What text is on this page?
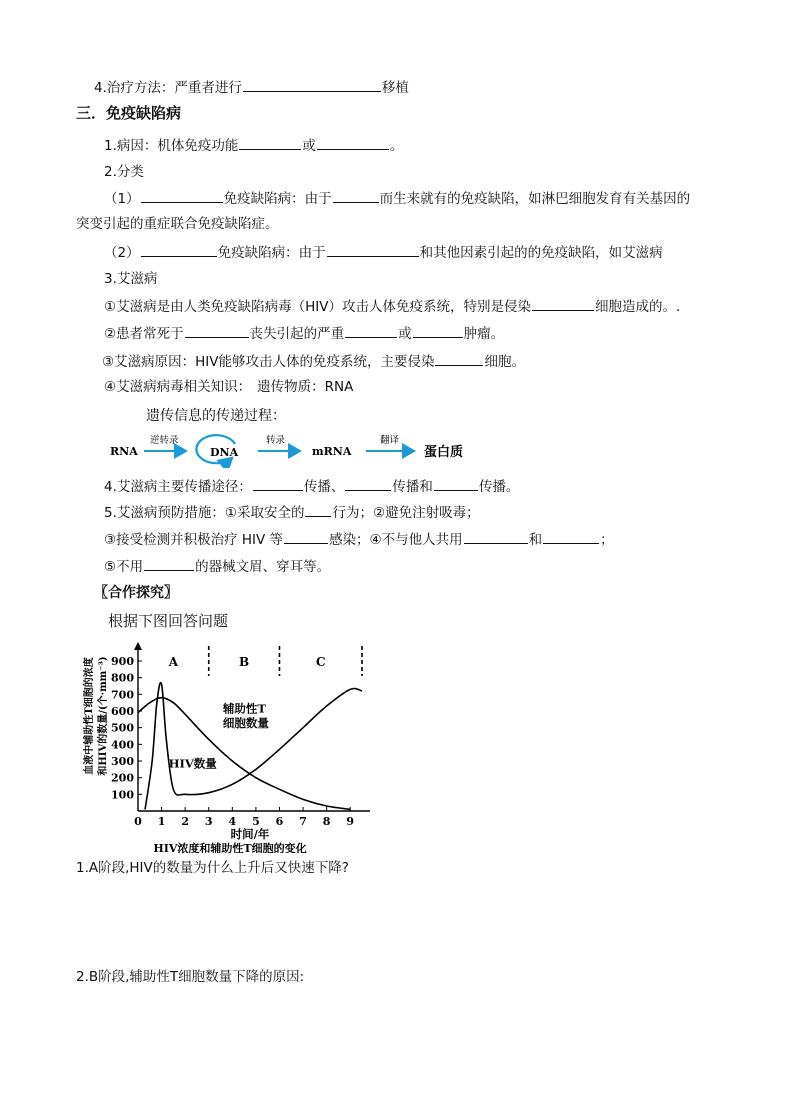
4.治疗方法：严重者进行	移植
三．免疫缺陷病
1.病因：机体免疫功能	或	。
2.分类
（1）	免疫缺陷病：由于	而生来就有的免疫缺陷，如淋巴细胞发育有关基因的
突变引起的重症联合免疫缺陷症。
（2）	免疫缺陷病：由于	和其他因素引起的的免疫缺陷，如艾滋病
3.艾滋病
①艾滋病是由人类免疫缺陷病毒（HIV）攻击人体免疫系统，特别是侵染	细胞造成的。.
②患者常死于	丧失引起的严重	或	肿瘤。
③艾滋病原因：HIV能够攻击人体的免疫系统，主要侵染	细胞。
④艾滋病病毒相关知识： 遗传物质：RNA
遗传信息的传递过程：
RNA
逆转录
DNA
转录
mRNA
翻译
蛋白质
4.艾滋病主要传播途径：	传播、	传播和	传播。
5.艾滋病预防措施：①采取安全的 行为；②避免注射吸毒；
③接受检测并积极治疗 HIV 等	感染；④不与他人共用	和	；
⑤不用	的器械文眉、穿耳等。
〖合作探究〗
根据下图回答问题
100
200
300
400
500
600
700
800
900
0 1 2 3 4 5 6 7 8 9
A	B	C
辅助性T
细胞数量
HIV数量
时间/年
HIV浓度和辅助性T细胞的变化
血液中辅助性T细胞的浓度 和HIV的数量/(个·mm⁻³)
1.A阶段,HIV的数量为什么上升后又快速下降?
2.B阶段,辅助性T细胞数量下降的原因:
